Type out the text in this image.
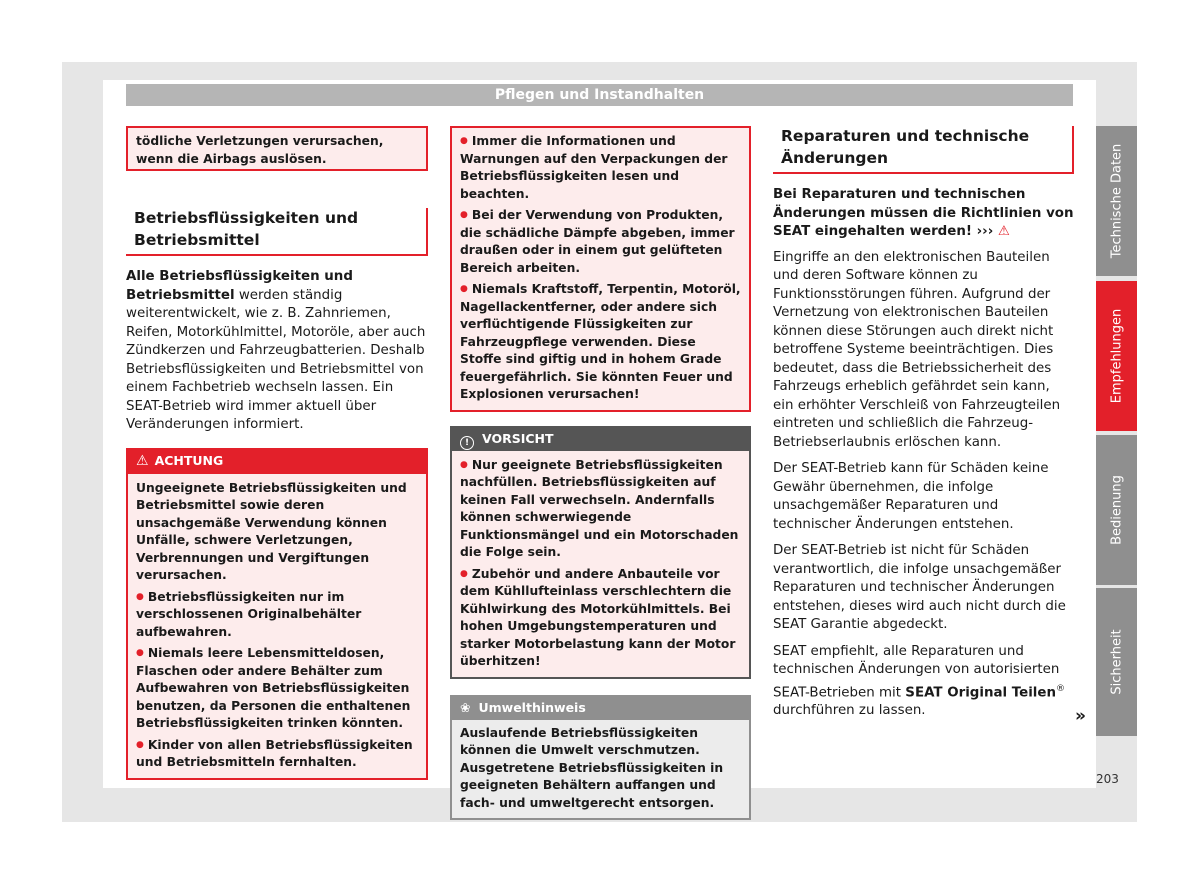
Pflegen und Instandhalten

tödliche Verletzungen verursachen, wenn die Airbags auslösen.

Betriebsflüssigkeiten und
Betriebsmittel
Alle Betriebsflüssigkeiten und Betriebsmittel werden ständig weiterentwickelt, wie z. B. Zahnriemen, Reifen, Motorkühlmittel, Motoröle, aber auch Zündkerzen und Fahrzeugbatterien. Deshalb Betriebsflüssigkeiten und Betriebsmittel von einem Fachbetrieb wechseln lassen. Ein SEAT-Betrieb wird immer aktuell über Veränderungen informiert.
⚠ ACHTUNG

Ungeeignete Betriebsflüssigkeiten und Betriebsmittel sowie deren unsachgemäße Verwendung können Unfälle, schwere Verletzungen, Verbrennungen und Vergiftungen verursachen.

● Betriebsflüssigkeiten nur im verschlossenen Originalbehälter aufbewahren.

● Niemals leere Lebensmitteldosen, Flaschen oder andere Behälter zum Aufbewahren von Betriebsflüssigkeiten benutzen, da Personen die enthaltenen Betriebsflüssigkeiten trinken könnten.

● Kinder von allen Betriebsflüssigkeiten und Betriebsmitteln fernhalten.

● Immer die Informationen und Warnungen auf den Verpackungen der Betriebsflüssigkeiten lesen und beachten.

● Bei der Verwendung von Produkten, die schädliche Dämpfe abgeben, immer draußen oder in einem gut gelüfteten Bereich arbeiten.

● Niemals Kraftstoff, Terpentin, Motoröl, Nagellackentferner, oder andere sich verflüchtigende Flüssigkeiten zur Fahrzeugpflege verwenden. Diese Stoffe sind giftig und in hohem Grade feuergefährlich. Sie könnten Feuer und Explosionen verursachen!

! VORSICHT

● Nur geeignete Betriebsflüssigkeiten nachfüllen. Betriebsflüssigkeiten auf keinen Fall verwechseln. Andernfalls können schwerwiegende Funktionsmängel und ein Motorschaden die Folge sein.

● Zubehör und andere Anbauteile vor dem Kühllufteinlass verschlechtern die Kühlwirkung des Motorkühlmittels. Bei hohen Umgebungstemperaturen und starker Motorbelastung kann der Motor überhitzen!

❀ Umwelthinweis
Auslaufende Betriebsflüssigkeiten können die Umwelt verschmutzen. Ausgetretene Betriebsflüssigkeiten in geeigneten Behältern auffangen und fach- und umweltgerecht entsorgen.
Reparaturen und technische
Änderungen
Bei Reparaturen und technischen Änderungen müssen die Richtlinien von SEAT eingehalten werden! ››› ⚠

Eingriffe an den elektronischen Bauteilen und deren Software können zu Funktionsstörungen führen. Aufgrund der Vernetzung von elektronischen Bauteilen können diese Störungen auch direkt nicht betroffene Systeme beeinträchtigen. Dies bedeutet, dass die Betriebssicherheit des Fahrzeugs erheblich gefährdet sein kann, ein erhöhter Verschleiß von Fahrzeugteilen eintreten und schließlich die Fahrzeug-Betriebserlaubnis erlöschen kann.

Der SEAT-Betrieb kann für Schäden keine Gewähr übernehmen, die infolge unsachgemäßer Reparaturen und technischer Änderungen entstehen.

Der SEAT-Betrieb ist nicht für Schäden verantwortlich, die infolge unsachgemäßer Reparaturen und technischer Änderungen entstehen, dieses wird auch nicht durch die SEAT Garantie abgedeckt.

SEAT empfiehlt, alle Reparaturen und technischen Änderungen von autorisierten SEAT-Betrieben mit SEAT Original Teilen® durchführen zu lassen.	»
Technische Daten
Empfehlungen
Bedienung
Sicherheit
203
